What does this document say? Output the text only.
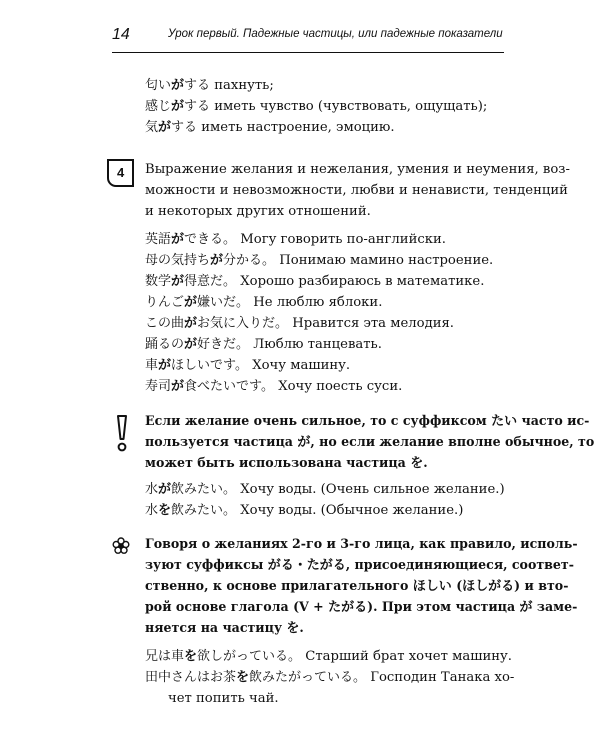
14	Урок первый. Падежные частицы, или падежные показатели
匂いがする пахнуть;
感じがする иметь чувство (чувствовать, ощущать);
気がする иметь настроение, эмоцию.
4 Выражение желания и нежелания, умения и неумения, воз-
можности и невозможности, любви и ненависти, тенденций
и некоторых других отношений.
英語ができる。 Могу говорить по-английски.
母の気持ちが分かる。 Понимаю мамино настроение.
数学が得意だ。 Хорошо разбираюсь в математике.
りんごが嫌いだ。 Не люблю яблоки.
この曲がお気に入りだ。 Нравится эта мелодия.
踊るのが好きだ。 Люблю танцевать.
車がほしいです。 Хочу машину.
寿司が食べたいです。 Хочу поесть суси.
Если желание очень сильное, то с суффиксом たい часто ис-
пользуется частица が, но если желание вполне обычное, то
может быть использована частица を.
水が飲みたい。 Хочу воды. (Очень сильное желание.)
水を飲みたい。 Хочу воды. (Обычное желание.)
Говоря о желаниях 2-го и 3-го лица, как правило, исполь-
зуют суффиксы がる・たがる, присоединяющиеся, соответ-
ственно, к основе прилагательного ほしい (ほしがる) и вто-
рой основе глагола (V + たがる). При этом частица が заме-
няется на частицу を.
兄は車を欲しがっている。 Старший брат хочет машину.
田中さんはお茶を飲みたがっている。 Господин Танака хо-
чет попить чай.
